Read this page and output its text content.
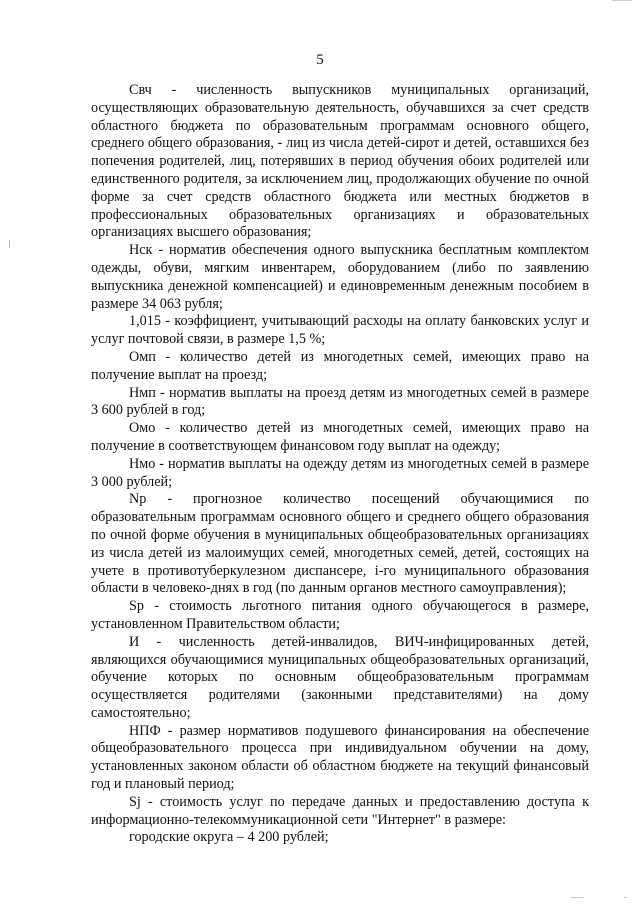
5

Свч - численность выпускников муниципальных организаций, осуществляющих образовательную деятельность, обучавшихся за счет средств областного бюджета по образовательным программам основного общего, среднего общего образования, - лиц из числа детей-сирот и детей, оставшихся без попечения родителей, лиц, потерявших в период обучения обоих родителей или единственного родителя, за исключением лиц, продолжающих обучение по очной форме за счет средств областного бюджета или местных бюджетов в профессиональных образовательных организациях и образовательных организациях высшего образования;

Нск - норматив обеспечения одного выпускника бесплатным комплектом одежды, обуви, мягким инвентарем, оборудованием (либо по заявлению выпускника денежной компенсацией) и единовременным денежным пособием в размере 34 063 рубля;

1,015 - коэффициент, учитывающий расходы на оплату банковских услуг и услуг почтовой связи, в размере 1,5 %;

Омп - количество детей из многодетных семей, имеющих право на получение выплат на проезд;

Нмп - норматив выплаты на проезд детям из многодетных семей в размере 3 600 рублей в год;

Омо - количество детей из многодетных семей, имеющих право на получение в соответствующем финансовом году выплат на одежду;

Нмо - норматив выплаты на одежду детям из многодетных семей в размере 3 000 рублей;

Np - прогнозное количество посещений обучающимися по образовательным программам основного общего и среднего общего образования по очной форме обучения в муниципальных общеобразовательных организациях из числа детей из малоимущих семей, многодетных семей, детей, состоящих на учете в противотуберкулезном диспансере, i-го муниципального образования области в человеко-днях в год (по данным органов местного самоуправления);

Sp - стоимость льготного питания одного обучающегося в размере, установленном Правительством области;

И - численность детей-инвалидов, ВИЧ-инфицированных детей, являющихся обучающимися муниципальных общеобразовательных организаций, обучение которых по основным общеобразовательным программам осуществляется родителями (законными представителями) на дому самостоятельно;

НПФ - размер нормативов подушевого финансирования на обеспечение общеобразовательного процесса при индивидуальном обучении на дому, установленных законом области об областном бюджете на текущий финансовый год и плановый период;

Sj - стоимость услуг по передаче данных и предоставлению доступа к информационно-телекоммуникационной сети "Интернет" в размере:

городские округа – 4 200 рублей;
